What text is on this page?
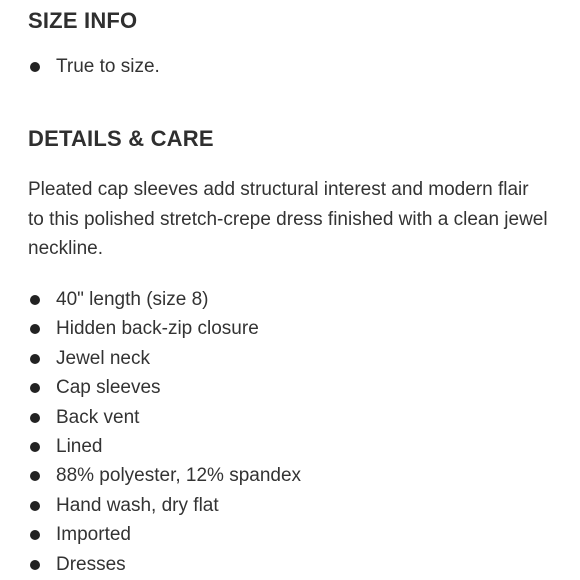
SIZE INFO
True to size.
DETAILS & CARE

Pleated cap sleeves add structural interest and modern flair to this polished stretch-crepe dress finished with a clean jewel neckline.

40" length (size 8)
Hidden back-zip closure
Jewel neck
Cap sleeves
Back vent
Lined
88% polyester, 12% spandex
Hand wash, dry flat
Imported
Dresses
